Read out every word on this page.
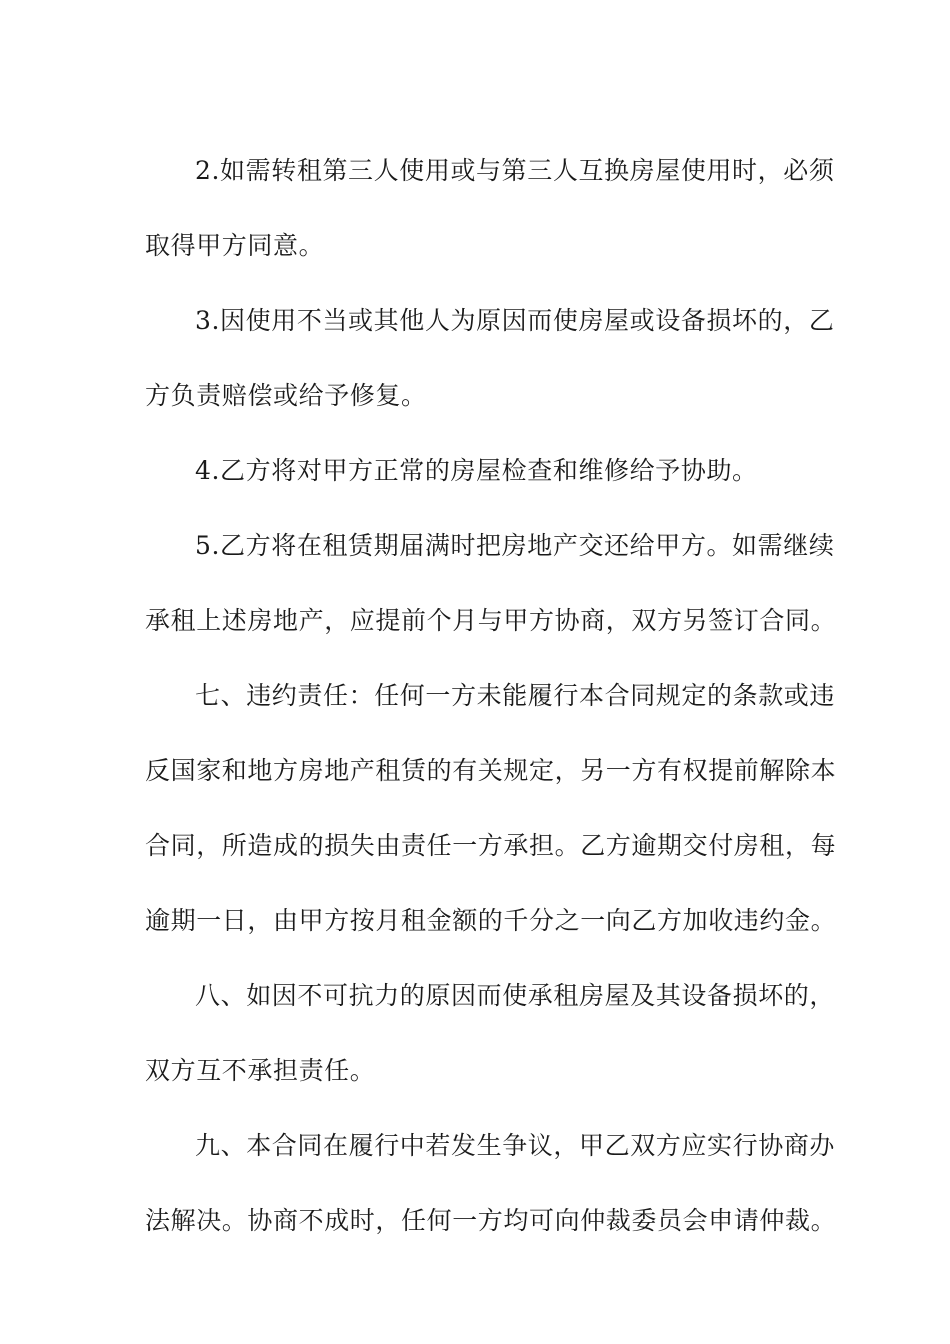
2.如需转租第三人使用或与第三人互换房屋使用时，必须
取得甲方同意。
3.因使用不当或其他人为原因而使房屋或设备损坏的，乙
方负责赔偿或给予修复。
4.乙方将对甲方正常的房屋检查和维修给予协助。
5.乙方将在租赁期届满时把房地产交还给甲方。如需继续
承租上述房地产，应提前个月与甲方协商，双方另签订合同。
七、违约责任：任何一方未能履行本合同规定的条款或违
反国家和地方房地产租赁的有关规定，另一方有权提前解除本
合同，所造成的损失由责任一方承担。乙方逾期交付房租，每
逾期一日，由甲方按月租金额的千分之一向乙方加收违约金。
八、如因不可抗力的原因而使承租房屋及其设备损坏的，
双方互不承担责任。
九、本合同在履行中若发生争议，甲乙双方应实行协商办
法解决。协商不成时，任何一方均可向仲裁委员会申请仲裁。
